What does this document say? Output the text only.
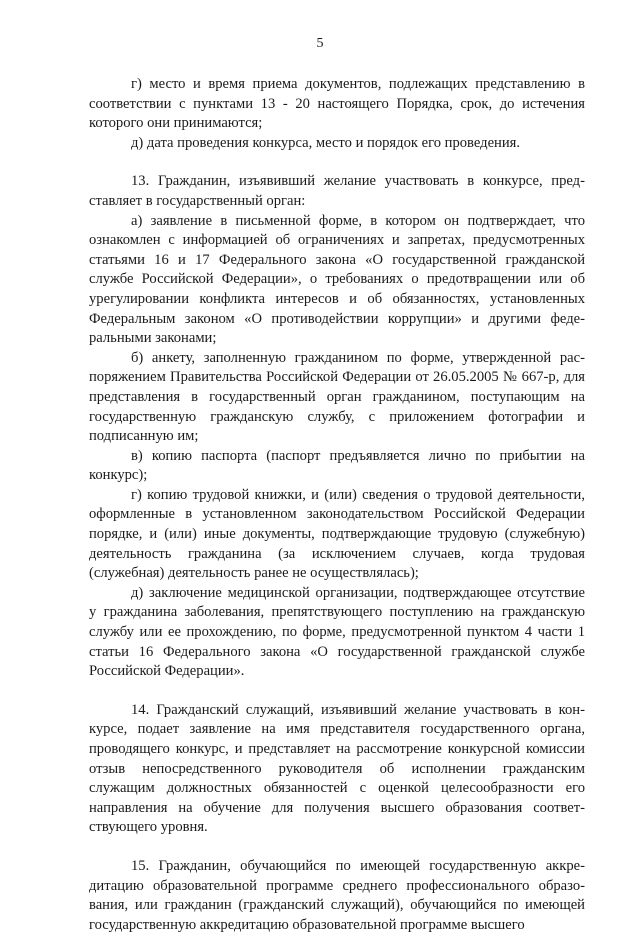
5

г) место и время приема документов, подлежащих представлению в соответствии с пунктами 13 - 20 настоящего Порядка, срок, до истечения которого они принимаются;

д) дата проведения конкурса, место и порядок его проведения.

13. Гражданин, изъявивший желание участвовать в конкурсе, представляет в государственный орган:

а) заявление в письменной форме, в котором он подтверждает, что ознакомлен с информацией об ограничениях и запретах, предусмотренных статьями 16 и 17 Федерального закона «О государственной гражданской службе Российской Федерации», о требованиях о предотвращении или об урегулировании конфликта интересов и об обязанностях, установленных Федеральным законом «О противодействии коррупции» и другими федеральными законами;

б) анкету, заполненную гражданином по форме, утвержденной распоряжением Правительства Российской Федерации от 26.05.2005 № 667-р, для представления в государственный орган гражданином, поступающим на государственную гражданскую службу, с приложением фотографии и подписанную им;

в) копию паспорта (паспорт предъявляется лично по прибытии на конкурс);

г) копию трудовой книжки, и (или) сведения о трудовой деятельности, оформленные в установленном законодательством Российской Федерации порядке, и (или) иные документы, подтверждающие трудовую (служебную) деятельность гражданина (за исключением случаев, когда трудовая (служебная) деятельность ранее не осуществлялась);

д) заключение медицинской организации, подтверждающее отсутствие у гражданина заболевания, препятствующего поступлению на гражданскую службу или ее прохождению, по форме, предусмотренной пунктом 4 части 1 статьи 16 Федерального закона «О государственной гражданской службе Российской Федерации».

14. Гражданский служащий, изъявивший желание участвовать в конкурсе, подает заявление на имя представителя государственного органа, проводящего конкурс, и представляет на рассмотрение конкурсной комиссии отзыв непосредственного руководителя об исполнении гражданским служащим должностных обязанностей с оценкой целесообразности его направления на обучение для получения высшего образования соответствующего уровня.

15. Гражданин, обучающийся по имеющей государственную аккредитацию образовательной программе среднего профессионального образования, или гражданин (гражданский служащий), обучающийся по имеющей государственную аккредитацию образовательной программе высшего
